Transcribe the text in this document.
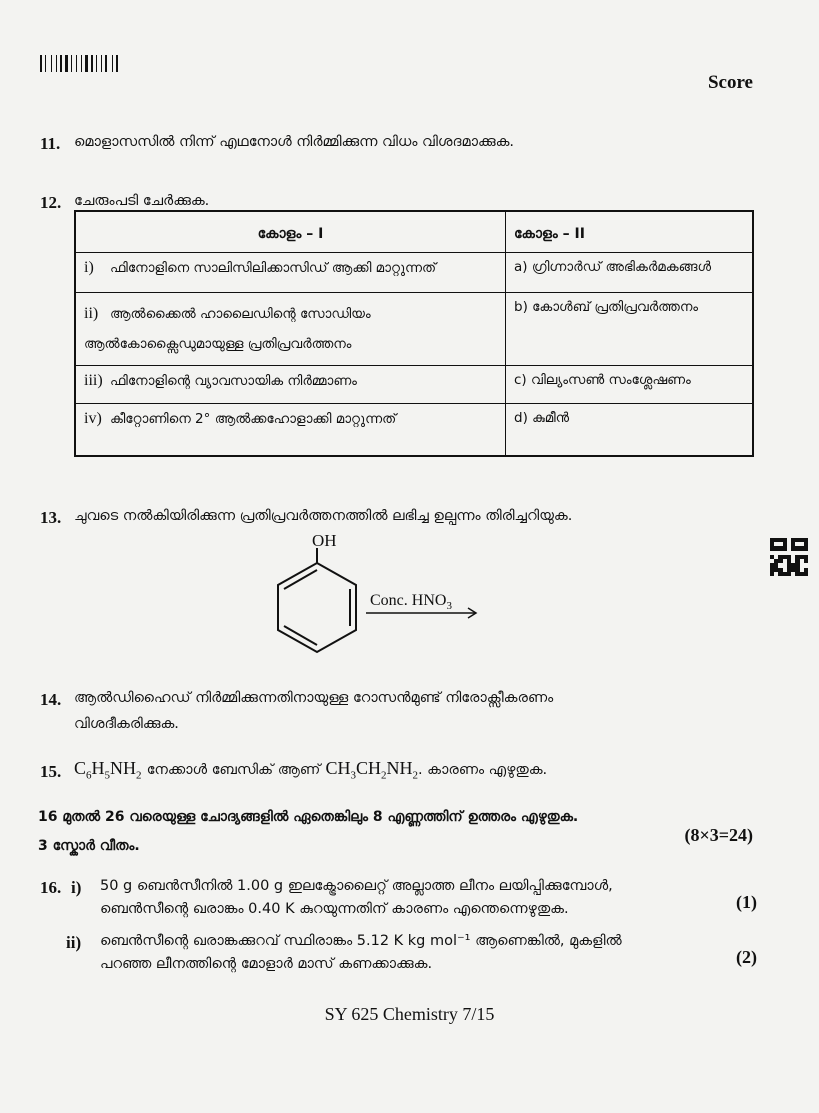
Score
11. മൊളാസസിൽ നിന്ന് എഥനോൾ നിർമ്മിക്കുന്ന വിധം വിശദമാക്കുക.
12. ചേരുംപടി ചേർക്കുക.
കോളം – I	കോളം – II
i) ഫിനോളിനെ സാലിസിലിക്കാസിഡ് ആക്കി മാറ്റുന്നത്	a) ഗ്രിഗ്നാർഡ് അഭികർമകങ്ങൾ
ii) ആൽക്കൈൽ ഹാലൈഡിന്റെ സോഡിയം ആൽകോക്സൈഡുമായുള്ള പ്രതിപ്രവർത്തനം	b) കോൾബ് പ്രതിപ്രവർത്തനം
iii) ഫിനോളിന്റെ വ്യാവസായിക നിർമ്മാണം	c) വില്യംസൺ സംശ്ലേഷണം
iv) കീറ്റോണിനെ 2° ആൽക്കഹോളാക്കി മാറ്റുന്നത്	d) കുമീൻ
13. ചുവടെ നൽകിയിരിക്കുന്ന പ്രതിപ്രവർത്തനത്തിൽ ലഭിച്ച ഉല്പന്നം തിരിച്ചറിയുക.
OH
Conc. $HNO_3$
14. ആൽഡിഹൈഡ് നിർമ്മിക്കുന്നതിനായുള്ള റോസൻമുണ്ട് നിരോക്സീകരണം
വിശദീകരിക്കുക.
15. $C_6H_5NH_2$ നേക്കാൾ ബേസിക് ആണ് $CH_3CH_2NH_2$. കാരണം എഴുതുക.
16 മുതൽ 26 വരെയുള്ള ചോദ്യങ്ങളിൽ ഏതെങ്കിലും 8 എണ്ണത്തിന് ഉത്തരം എഴുതുക.
3 സ്കോർ വീതം.
(8×3=24)
16. i) 50 g ബെൻസീനിൽ 1.00 g ഇലക്ട്രോലൈറ്റ് അല്ലാത്ത ലീനം ലയിപ്പിക്കുമ്പോൾ,
ബെൻസീന്റെ ഖരാങ്കം 0.40 K കുറയുന്നതിന് കാരണം എന്തെന്നെഴുതുക.	(1)
ii) ബെൻസീന്റെ ഖരാങ്കക്കുറവ് സ്ഥിരാങ്കം 5.12 K kg mol⁻¹ ആണെങ്കിൽ, മുകളിൽ
പറഞ്ഞ ലീനത്തിന്റെ മോളാർ മാസ് കണക്കാക്കുക.	(2)
SY 625 Chemistry 7/15
